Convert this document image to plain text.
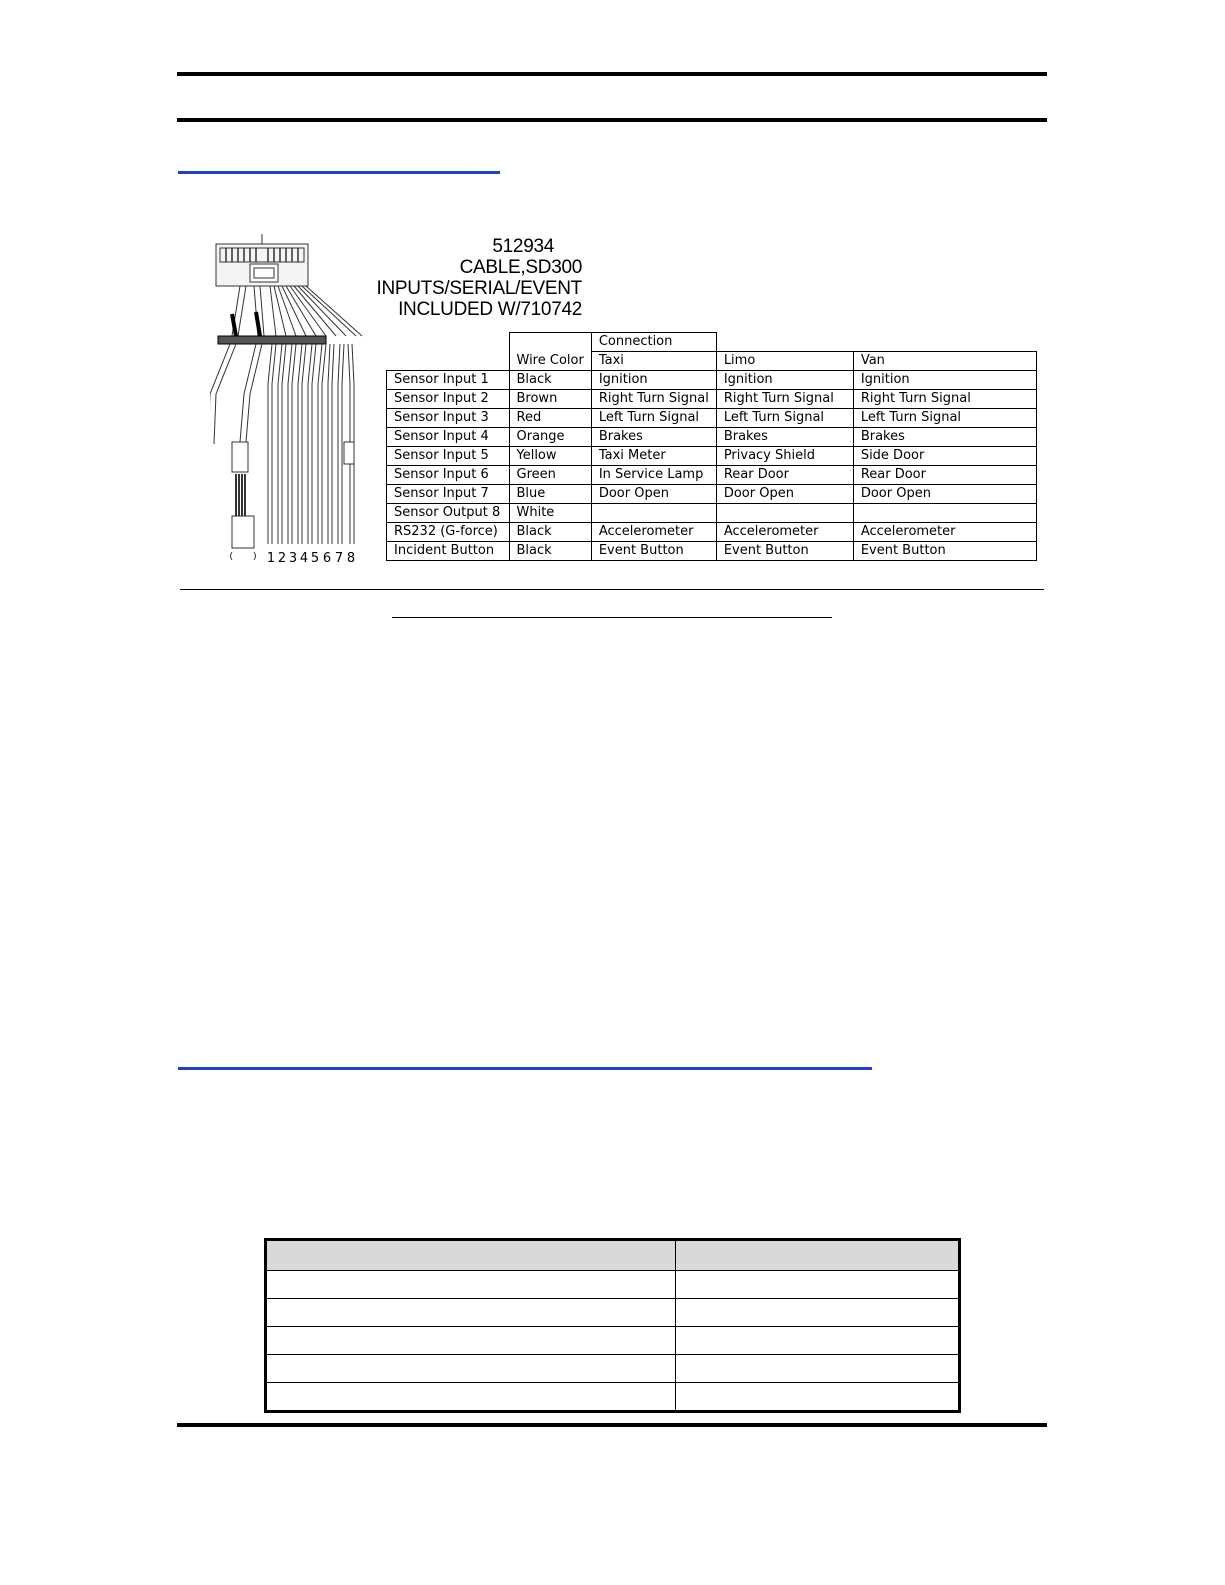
1 2 3 4 5 6 7 8
512934
CABLE,SD300
INPUTS/SERIAL/EVENT
INCLUDED W/710742
		Connection		
	Wire Color	Taxi	Limo	Van
Sensor Input 1	Black	Ignition	Ignition	Ignition
Sensor Input 2	Brown	Right Turn Signal	Right Turn Signal	Right Turn Signal
Sensor Input 3	Red	Left Turn Signal	Left Turn Signal	Left Turn Signal
Sensor Input 4	Orange	Brakes	Brakes	Brakes
Sensor Input 5	Yellow	Taxi Meter	Privacy Shield	Side Door
Sensor Input 6	Green	In Service Lamp	Rear Door	Rear Door
Sensor Input 7	Blue	Door Open	Door Open	Door Open
Sensor Output 8	White			
RS232 (G-force)	Black	Accelerometer	Accelerometer	Accelerometer
Incident Button	Black	Event Button	Event Button	Event Button
